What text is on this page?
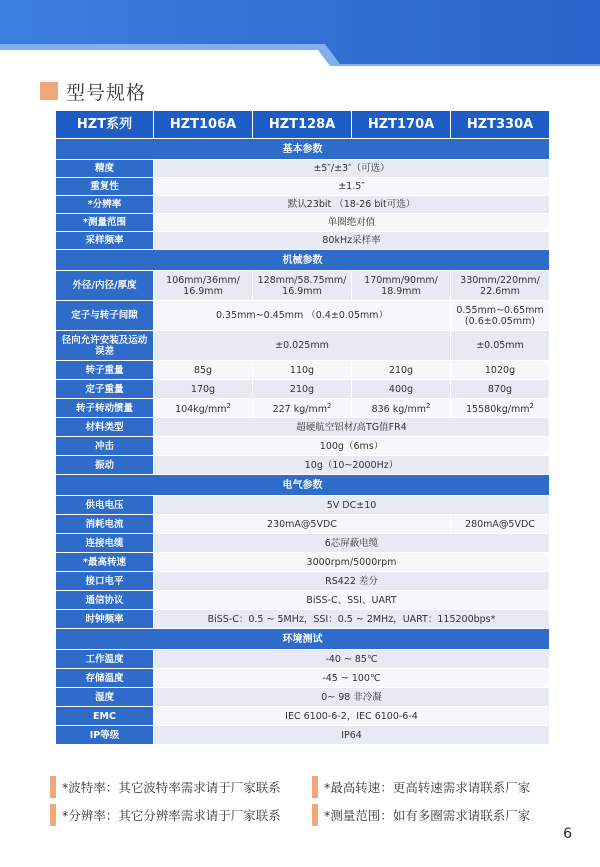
型号规格
HZT系列	HZT106A	HZT128A	HZT170A	HZT330A
基本参数				
精度	±5″/±3″（可选）			
重复性	±1.5″			
*分辨率	默认23bit （18-26 bit可选）			
*测量范围	单圈绝对值			
采样频率	80kHz采样率			
机械参数				
外径/内径/厚度	106mm/36mm/ 16.9mm	128mm/58.75mm/ 16.9mm	170mm/90mm/ 18.9mm	330mm/220mm/ 22.6mm
定子与转子间隙	0.35mm~0.45mm （0.4±0.05mm）			0.55mm~0.65mm (0.6±0.05mm)
径向允许安装及运动误差	±0.025mm			±0.05mm
转子重量	85g	110g	210g	1020g
定子重量	170g	210g	400g	870g
转子转动惯量	$104kg/mm^2$	227 $kg/mm^2$	836 $kg/mm^2$	$15580kg/mm^2$
材料类型	超硬航空铝材/高TG值FR4			
冲击	100g（6ms）			
振动	10g（10~2000Hz）			
电气参数				
供电电压	5V DC±10			
消耗电流	230mA@5VDC			280mA@5VDC
连接电缆	6芯屏蔽电缆			
*最高转速	3000rpm/5000rpm			
接口电平	RS422 差分			
通信协议	BiSS-C、SSI、UART			
时钟频率	BiSS-C：0.5 ~ 5MHz，SSI：0.5 ~ 2MHz，UART：115200bps*			
环境测试				
工作温度	-40 ~ 85℃			
存储温度	-45 ~ 100℃			
湿度	0~ 98 非冷凝			
EMC	IEC 6100-6-2，IEC 6100-6-4			
IP等级	IP64			
*波特率：其它波特率需求请于厂家联系	*最高转速：更高转速需求请联系厂家
*分辨率：其它分辨率需求请于厂家联系	*测量范围：如有多圈需求请联系厂家
6
